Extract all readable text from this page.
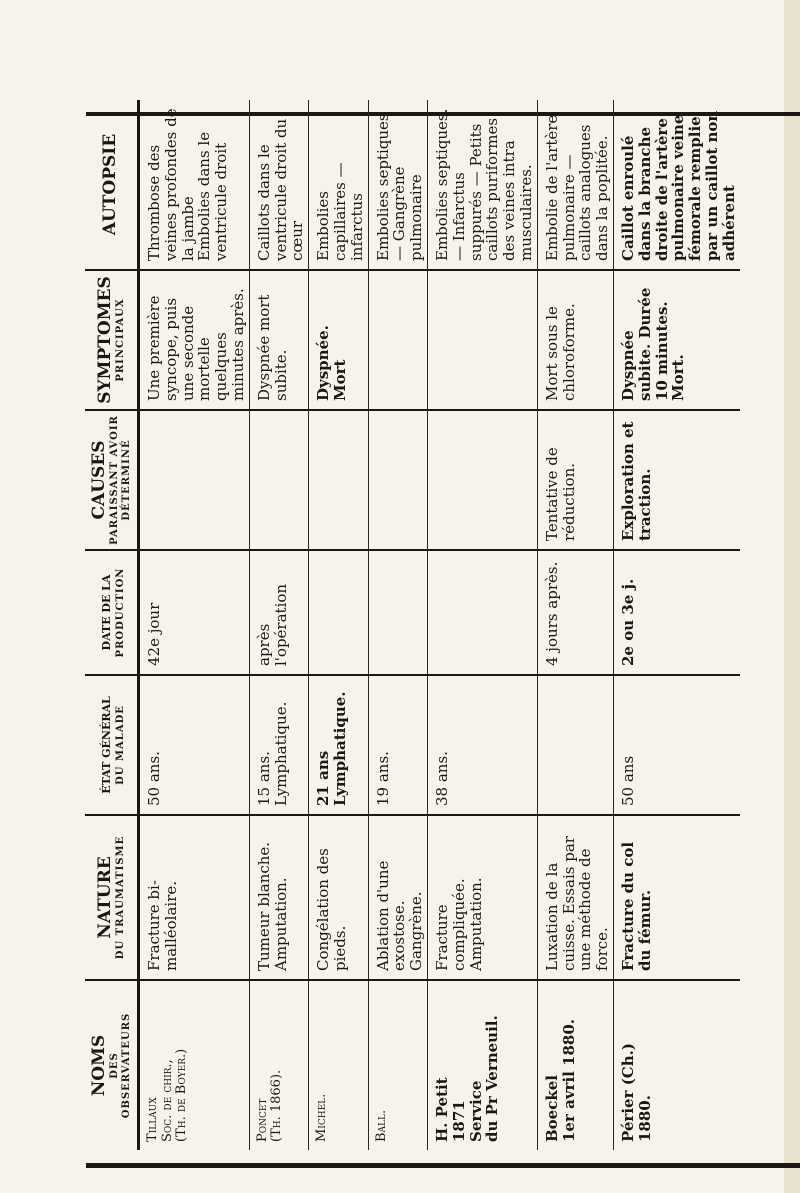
NOMS DES OBSERVATEURS	NATURE DU TRAUMATISME	ÉTAT GÉNÉRAL DU MALADE	DATE DE LA PRODUCTION	CAUSES PARAISSANT AVOIR DÉTERMINÉ	SYMPTOMES PRINCIPAUX	AUTOPSIE
Tillaux
Soc. de chir.,
(Th. de Boyer.)	Fracture bi-malléolaire.	50 ans.	42e jour		Une première syncope, puis une seconde mortelle quelques minutes après.	Thrombose des veines profondes de la jambe
Embolies dans le ventricule droit
Poncet
(Th. 1866).	Tumeur blanche. Amputation.	15 ans. Lymphatique.	après l'opération		Dyspnée mort subite.	Caillots dans le ventricule droit du cœur
Michel.	Congélation des pieds.	21 ans Lymphatique.			Dyspnée. Mort	Embolies capillaires — infarctus
Ball.	Ablation d'une exostose. Gangrène.	19 ans.				Embolies septiques — Gangrène pulmonaire
H. Petit
1871
Service
du Pr Verneuil.	Fracture compliquée. Amputation.	38 ans.				Embolies septiques. — Infarctus suppurés — Petits caillots puriformes des veines intra musculaires.
Boeckel
1er avril 1880.	Luxation de la cuisse. Essais par une méthode de force.		4 jours après.	Tentative de réduction.	Mort sous le chloroforme.	Embolie de l'artère pulmonaire — caillots analogues dans la poplitée.
Périer (Ch.)
1880.	Fracture du col du fémur.	50 ans	2e ou 3e j.	Exploration et traction.	Dyspnée subite. Durée 10 minutes. Mort.	Caillot enroulé dans la branche droite de l'artère pulmonaire veine fémorale remplie par un caillot non adhérent
